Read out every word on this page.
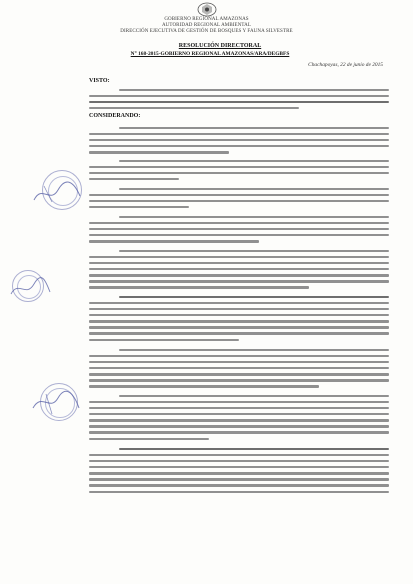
GOBIERNO REGIONAL AMAZONAS
AUTORIDAD REGIONAL AMBIENTAL
DIRECCIÓN EJECUTIVA DE GESTIÓN DE BOSQUES Y FAUNA SILVESTRE
RESOLUCIÓN DIRECTORAL
N° 168-2015-GOBIERNO REGIONAL AMAZONAS/ARA/DEGBFS
Chachapoyas, 22 de junio de 2015
VISTO:
CONSIDERANDO:
